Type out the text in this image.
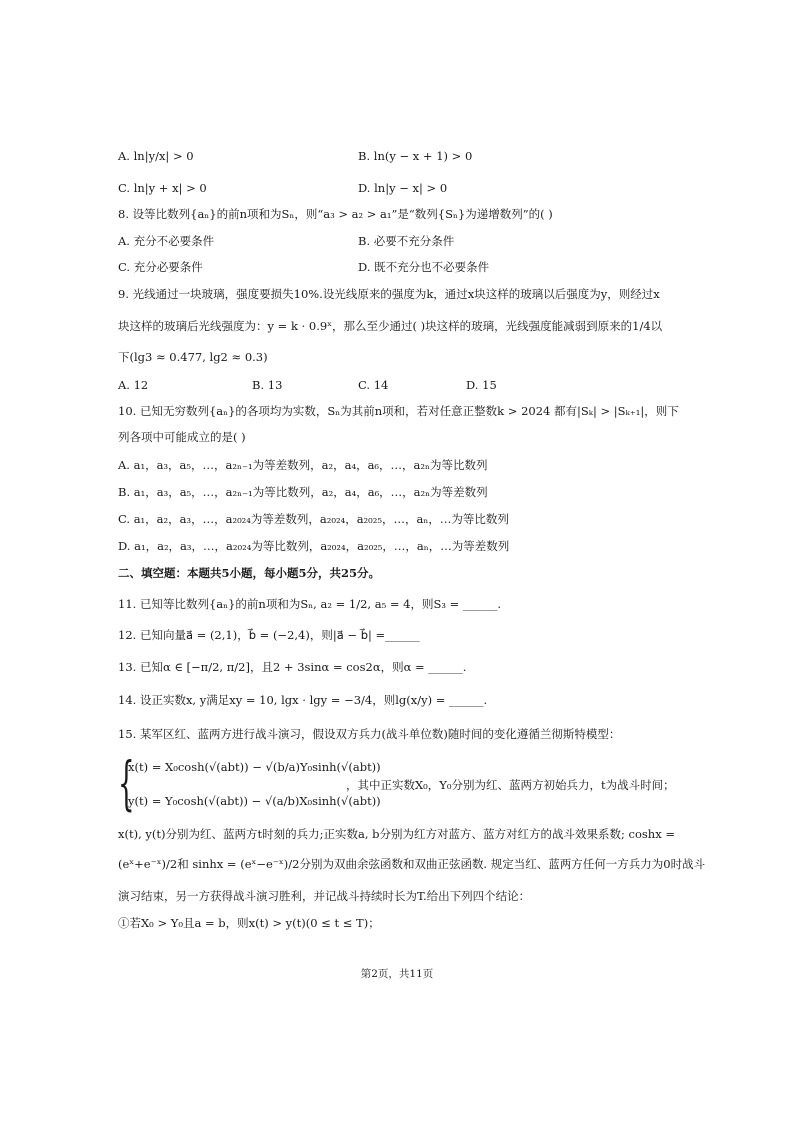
A. ln|y/x| > 0	B. ln(y − x + 1) > 0
C. ln|y + x| > 0	D. ln|y − x| > 0
8. 设等比数列{aₙ}的前n项和为Sₙ，则“a₃ > a₂ > a₁”是“数列{Sₙ}为递增数列”的( )
A. 充分不必要条件	B. 必要不充分条件
C. 充分必要条件	D. 既不充分也不必要条件
9. 光线通过一块玻璃，强度要损失10%.设光线原来的强度为k，通过x块这样的玻璃以后强度为y，则经过x
块这样的玻璃后光线强度为：y = k · 0.9ˣ，那么至少通过( )块这样的玻璃，光线强度能减弱到原来的1/4以
下(lg3 ≈ 0.477, lg2 ≈ 0.3)
A. 12	B. 13	C. 14	D. 15
10. 已知无穷数列{aₙ}的各项均为实数，Sₙ为其前n项和，若对任意正整数k > 2024 都有|Sₖ| > |Sₖ₊₁|，则下
列各项中可能成立的是( )
A. a₁，a₃，a₅，…，a₂ₙ₋₁为等差数列，a₂，a₄，a₆，…，a₂ₙ为等比数列
B. a₁，a₃，a₅，…，a₂ₙ₋₁为等比数列，a₂，a₄，a₆，…，a₂ₙ为等差数列
C. a₁，a₂，a₃，…，a₂₀₂₄为等差数列，a₂₀₂₄，a₂₀₂₅，…，aₙ，…为等比数列
D. a₁，a₂，a₃，…，a₂₀₂₄为等比数列，a₂₀₂₄，a₂₀₂₅，…，aₙ，…为等差数列
二、填空题：本题共5小题，每小题5分，共25分。
11. 已知等比数列{aₙ}的前n项和为Sₙ, a₂ = 1/2, a₅ = 4，则S₃ = ______.
12. 已知向量a⃗ = (2,1)，b⃗ = (−2,4)，则|a⃗ − b⃗| =______
13. 已知α ∈ [−π/2, π/2]，且2 + 3sinα = cos2α，则α = ______.
14. 设正实数x, y满足xy = 10, lgx · lgy = −3/4，则lg(x/y) = ______.
15. 某军区红、蓝两方进行战斗演习，假设双方兵力(战斗单位数)随时间的变化遵循兰彻斯特模型：
{
x(t) = X₀cosh(√(abt)) − √(b/a)Y₀sinh(√(abt))
y(t) = Y₀cosh(√(abt)) − √(a/b)X₀sinh(√(abt))
，其中正实数X₀，Y₀分别为红、蓝两方初始兵力，t为战斗时间；
x(t), y(t)分别为红、蓝两方t时刻的兵力;正实数a, b分别为红方对蓝方、蓝方对红方的战斗效果系数; coshx =
(eˣ+e⁻ˣ)/2和 sinhx = (eˣ−e⁻ˣ)/2分别为双曲余弦函数和双曲正弦函数. 规定当红、蓝两方任何一方兵力为0时战斗
演习结束，另一方获得战斗演习胜利，并记战斗持续时长为T.给出下列四个结论：
①若X₀ > Y₀且a = b，则x(t) > y(t)(0 ≤ t ≤ T)；
第2页，共11页
